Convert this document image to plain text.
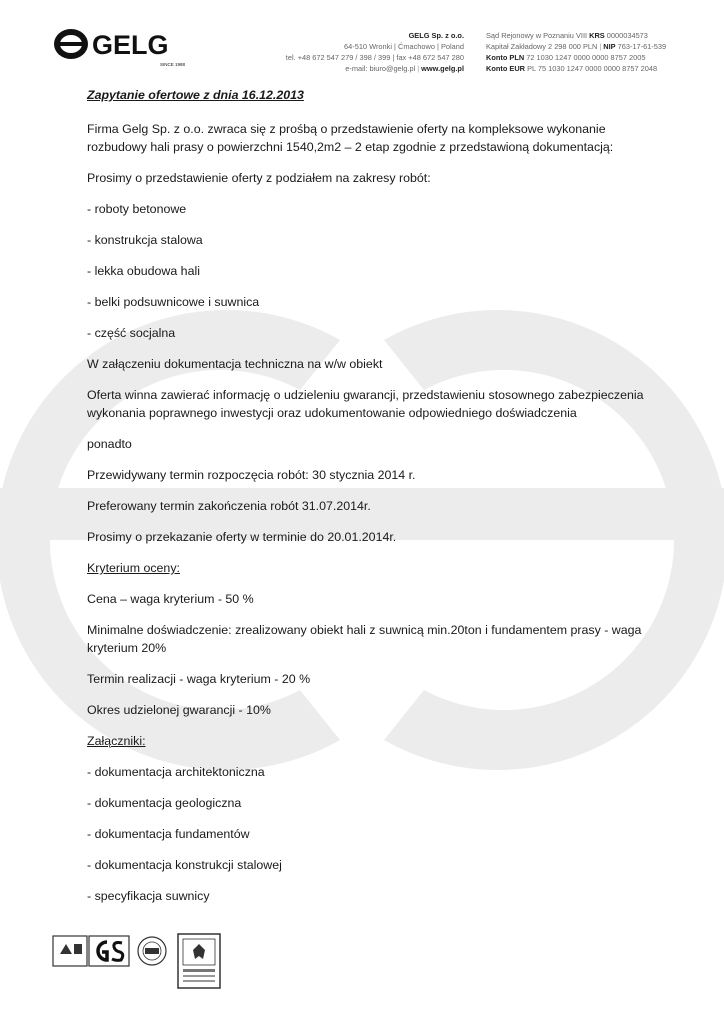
GELG
SINCE 1988
GELG Sp. z o.o.
64-510 Wronki | Ćmachowo | Poland
tel. +48 672 547 279 / 398 / 399 | fax +48 672 547 280
e-mail: biuro@gelg.pl | www.gelg.pl
Sąd Rejonowy w Poznaniu VIII KRS 0000034573
Kapitał Zakładowy 2 298 000 PLN | NIP 763-17-61-539
Konto PLN 72 1030 1247 0000 0000 8757 2005
Konto EUR PL 75 1030 1247 0000 0000 8757 2048

Zapytanie ofertowe z dnia 16.12.2013

Firma Gelg Sp. z o.o. zwraca się z prośbą o przedstawienie oferty na kompleksowe wykonanie rozbudowy hali prasy o powierzchni 1540,2m2 – 2 etap zgodnie z przedstawioną dokumentacją:

Prosimy o przedstawienie oferty z podziałem na zakresy robót:

- roboty betonowe

- konstrukcja stalowa

- lekka obudowa hali

- belki podsuwnicowe i suwnica

- część socjalna

W załączeniu dokumentacja techniczna na w/w obiekt

Oferta winna zawierać informację o udzieleniu gwarancji, przedstawieniu stosownego zabezpieczenia wykonania poprawnego inwestycji oraz udokumentowanie odpowiedniego doświadczenia

ponadto

Przewidywany termin rozpoczęcia robót: 30 stycznia 2014 r.

Preferowany termin zakończenia robót 31.07.2014r.

Prosimy o przekazanie oferty w terminie do 20.01.2014r.

Kryterium oceny:

Cena – waga kryterium - 50 %

Minimalne doświadczenie: zrealizowany obiekt hali z suwnicą min.20ton i fundamentem prasy - waga kryterium 20%

Termin realizacji - waga kryterium - 20 %

Okres udzielonej gwarancji - 10%

Załączniki:

- dokumentacja architektoniczna

- dokumentacja geologiczna

- dokumentacja fundamentów

- dokumentacja konstrukcji stalowej

- specyfikacja suwnicy
